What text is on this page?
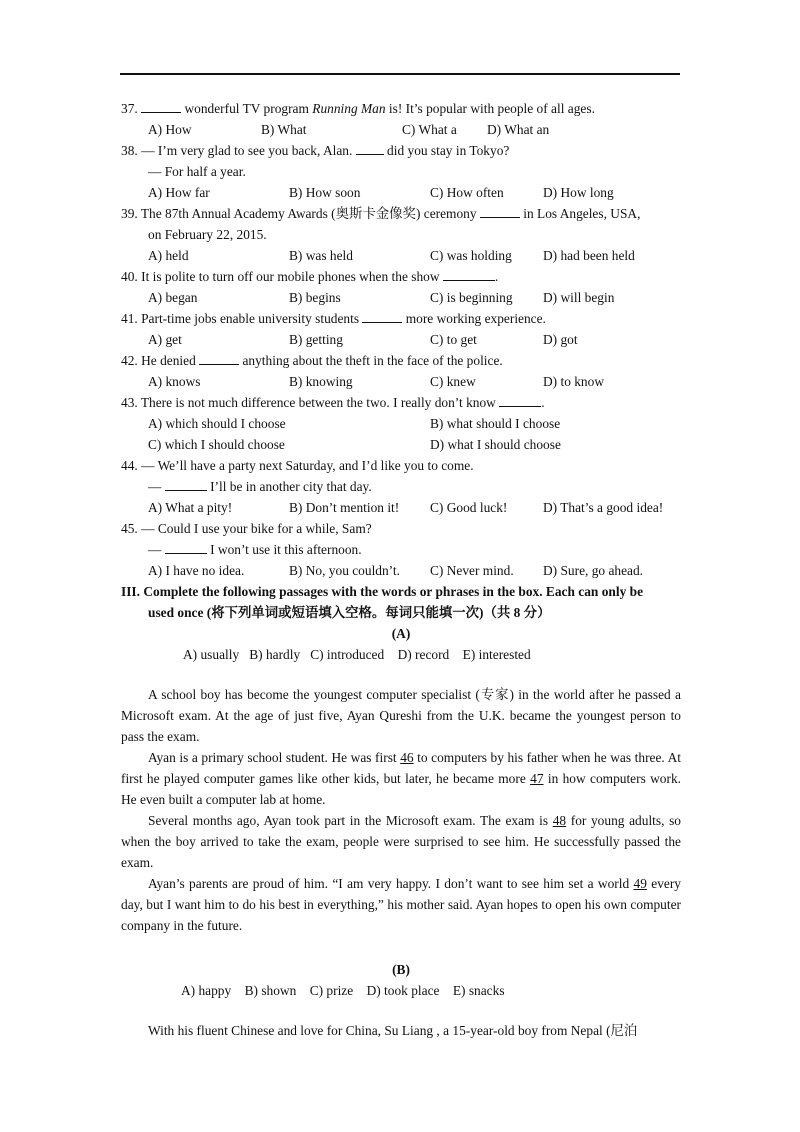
37.	wonderful TV program Running Man is! It’s popular with people of all ages.
A) How	B) What	C) What a D) What an
38. — I’m very glad to see you back, Alan.  did you stay in Tokyo?
— For half a year.
A) How far	B) How soon	C) How often	D) How long
39. The 87th Annual Academy Awards (奥斯卡金像奖) ceremony	in Los Angeles, USA,
on February 22, 2015.
A) held	B) was held	C) was holding D) had been held
40. It is polite to turn off our mobile phones when the show	.
A) began	B) begins	C) is beginning D) will begin
41. Part-time jobs enable university students	more working experience.
A) get	B) getting	C) to get	D) got
42. He denied	anything about the theft in the face of the police.
A) knows	B) knowing	C) knew	D) to know
43. There is not much difference between the two. I really don’t know	.
A) which should I choose	B) what should I choose
C) which I should choose	D) what I should choose
44. — We’ll have a party next Saturday, and I’d like you to come.
—	I’ll be in another city that day.
A) What a pity!	B) Don’t mention it! C) Good luck!	D) That’s a good idea!
45. — Could I use your bike for a while, Sam?
—	I won’t use it this afternoon.
A) I have no idea.	B) No, you couldn’t. C) Never mind. D) Sure, go ahead.
III. Complete the following passages with the words or phrases in the box. Each can only be
used once (将下列单词或短语填入空格。每词只能填一次)（共 8 分）
(A)
A) usually   B) hardly   C) introduced    D) record    E) interested

A school boy has become the youngest computer specialist (专家) in the world after he passed a Microsoft exam. At the age of just five, Ayan Qureshi from the U.K. became the youngest person to pass the exam.

Ayan is a primary school student. He was first 46 to computers by his father when he was three. At first he played computer games like other kids, but later, he became more 47 in how computers work. He even built a computer lab at home.

Several months ago, Ayan took part in the Microsoft exam. The exam is 48 for young adults, so when the boy arrived to take the exam, people were surprised to see him. He successfully passed the exam.

Ayan’s parents are proud of him. “I am very happy. I don’t want to see him set a world 49 every day, but I want him to do his best in everything,” his mother said. Ayan hopes to open his own computer company in the future.

(B)
A) happy    B) shown    C) prize    D) took place    E) snacks

With his fluent Chinese and love for China, Su Liang , a 15-year-old boy from Nepal (尼泊
